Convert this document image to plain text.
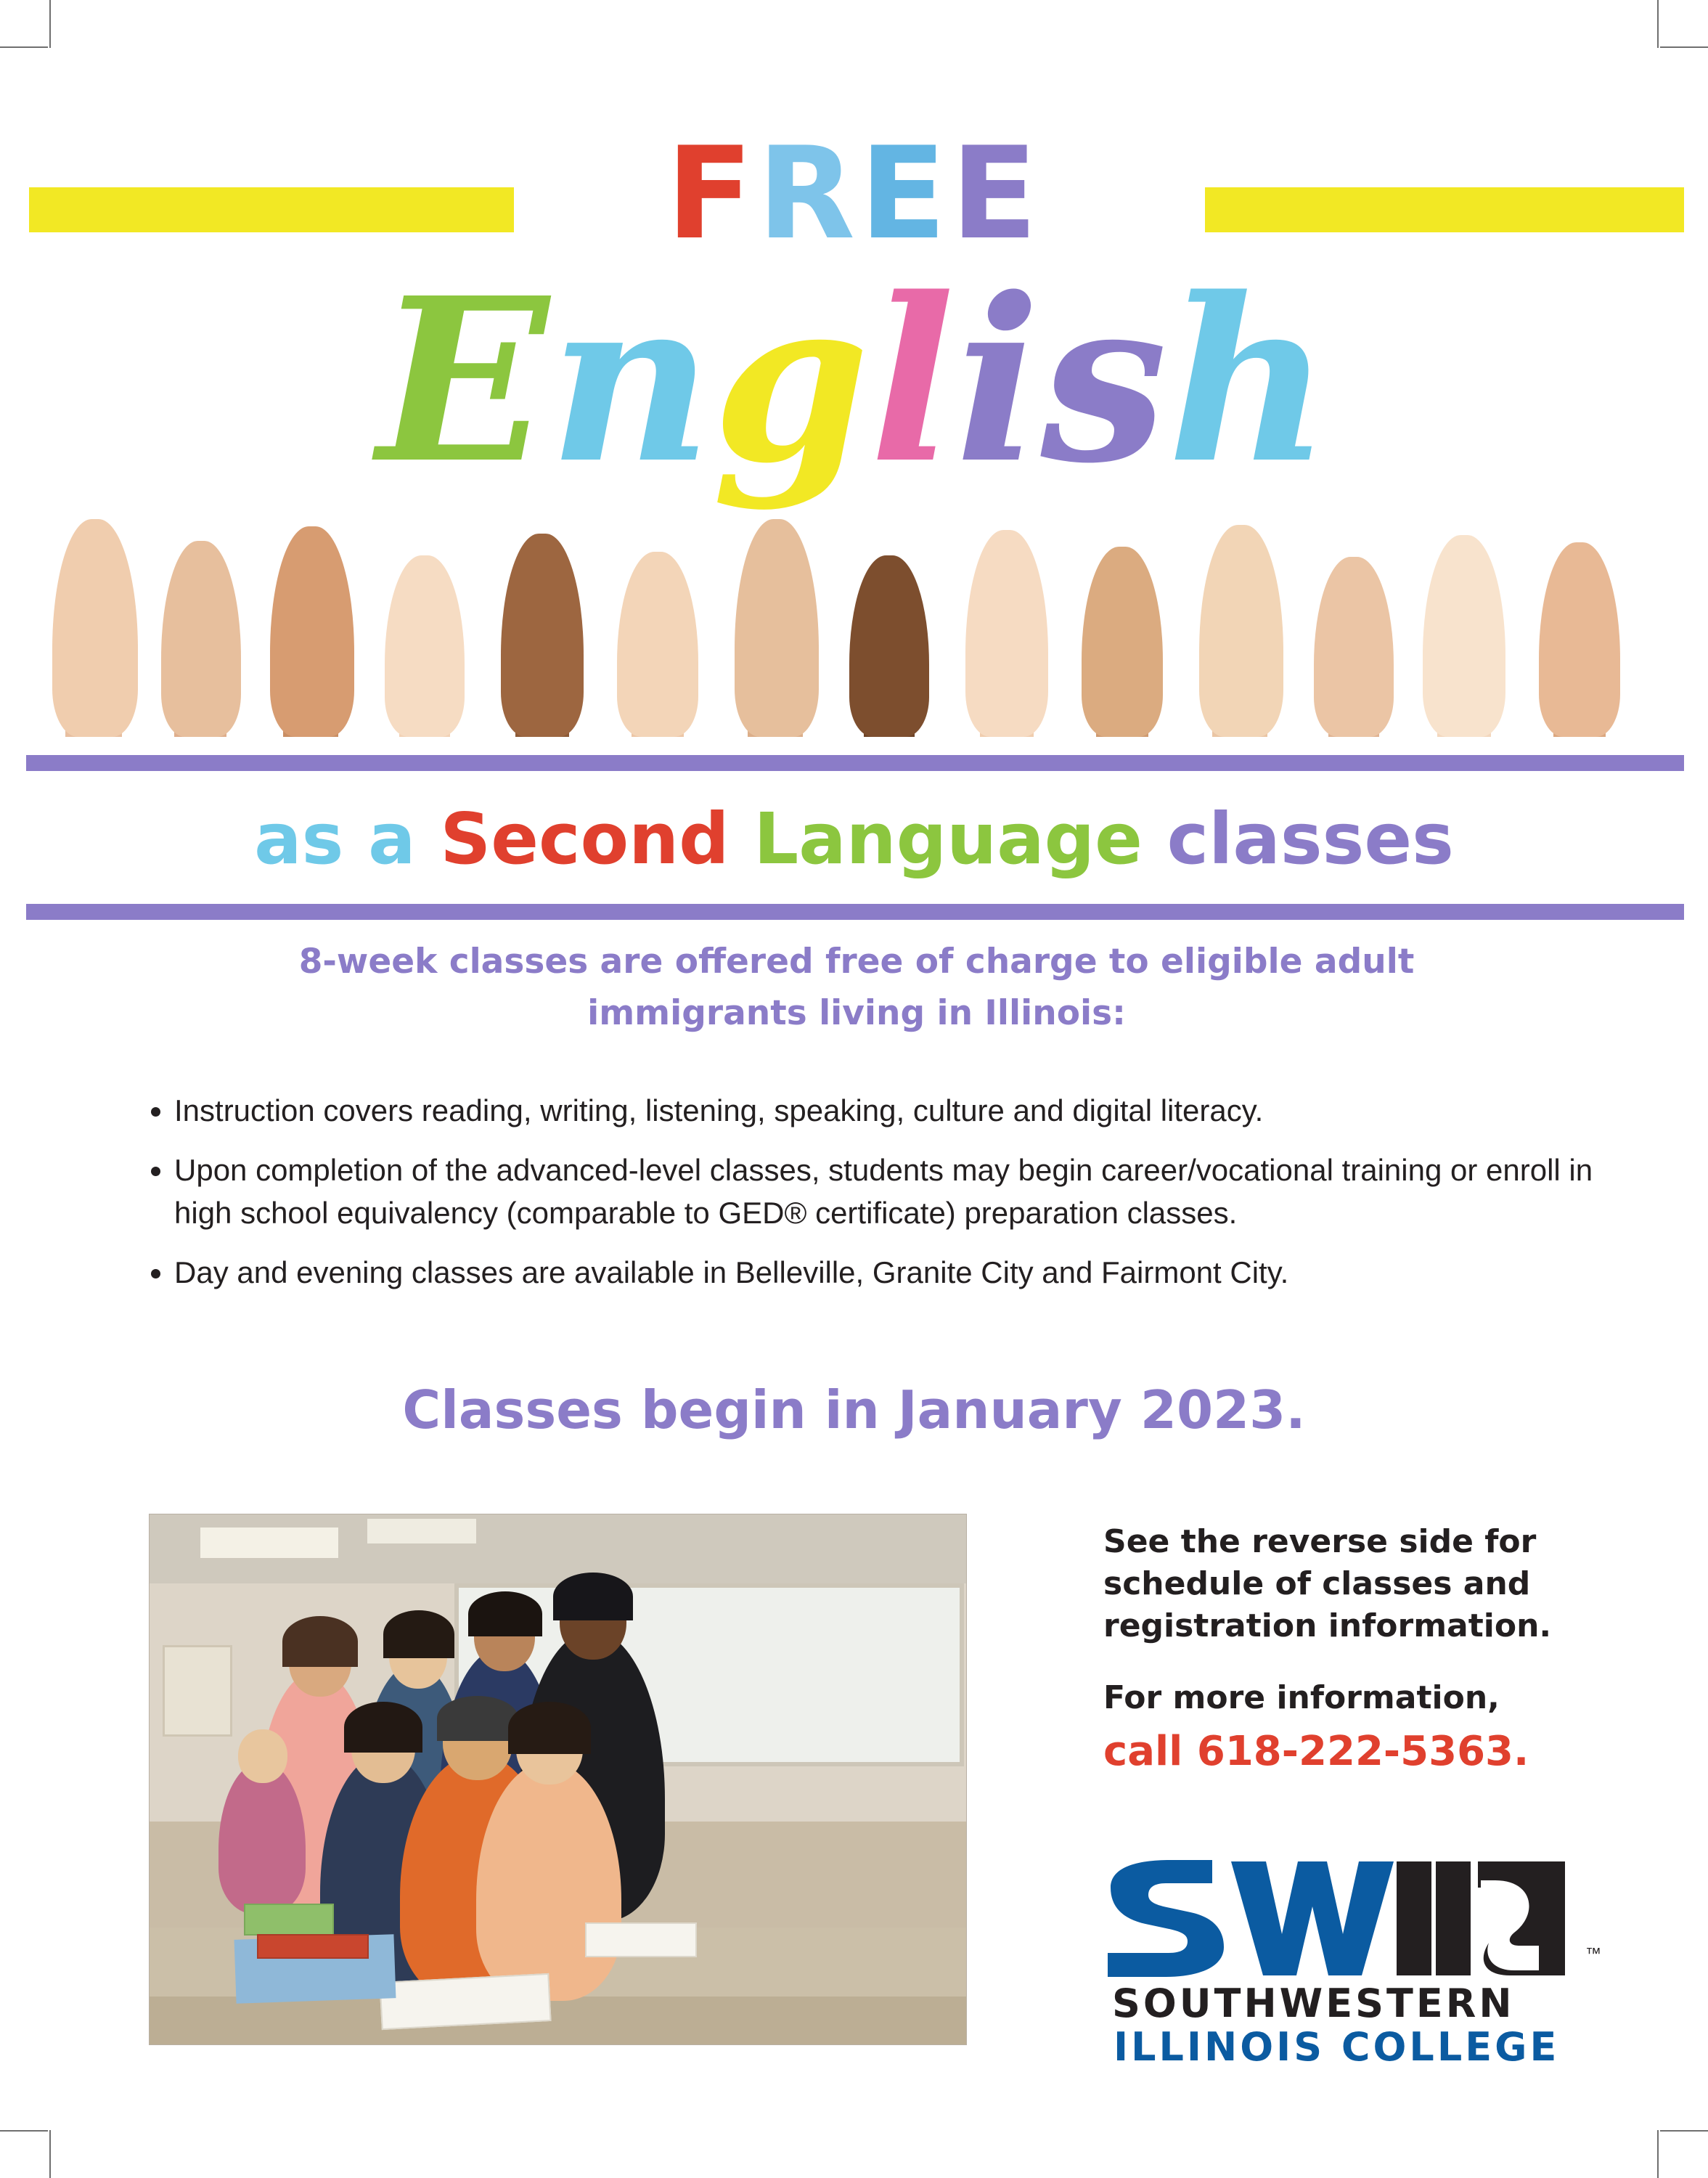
FREE
English
as a Second Language classes
8-week classes are offered free of charge to eligible adult immigrants living in Illinois:
• Instruction covers reading, writing, listening, speaking, culture and digital literacy.
• Upon completion of the advanced-level classes, students may begin career/vocational training or enroll in high school equivalency (comparable to GED® certificate) preparation classes.
• Day and evening classes are available in Belleville, Granite City and Fairmont City.
Classes begin in January 2023.
See the reverse side for schedule of classes and registration information.
For more information,
call 618-222-5363.
™
SOUTHWESTERN
ILLINOIS COLLEGE
